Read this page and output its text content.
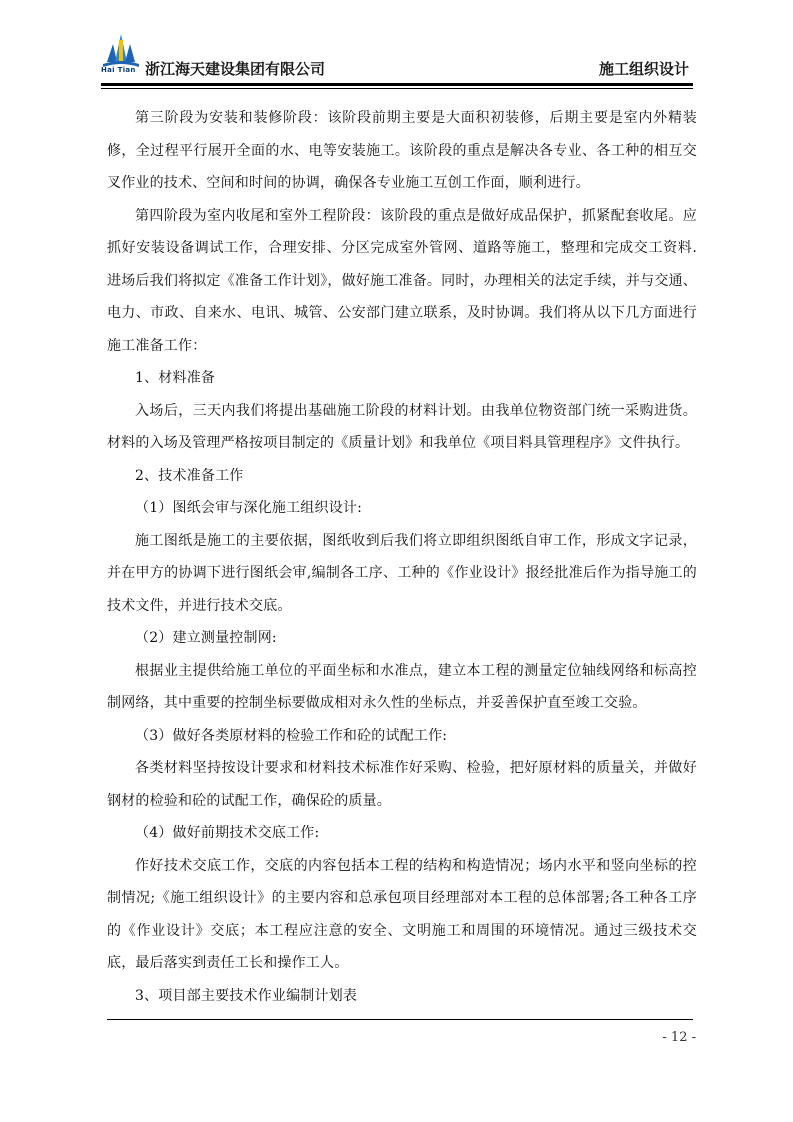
Hai Tian 浙江海天建设集团有限公司	施工组织设计

第三阶段为安装和装修阶段：该阶段前期主要是大面积初装修，后期主要是室内外精装修，全过程平行展开全面的水、电等安装施工。该阶段的重点是解决各专业、各工种的相互交叉作业的技术、空间和时间的协调，确保各专业施工互创工作面，顺利进行。

第四阶段为室内收尾和室外工程阶段：该阶段的重点是做好成品保护，抓紧配套收尾。应抓好安装设备调试工作，合理安排、分区完成室外管网、道路等施工，整理和完成交工资料. 进场后我们将拟定《准备工作计划》，做好施工准备。同时，办理相关的法定手续，并与交通、电力、市政、自来水、电讯、城管、公安部门建立联系，及时协调。我们将从以下几方面进行施工准备工作：

1、材料准备

入场后，三天内我们将提出基础施工阶段的材料计划。由我单位物资部门统一采购进货。材料的入场及管理严格按项目制定的《质量计划》和我单位《项目料具管理程序》文件执行。

2、技术准备工作

（1）图纸会审与深化施工组织设计:

施工图纸是施工的主要依据，图纸收到后我们将立即组织图纸自审工作，形成文字记录，并在甲方的协调下进行图纸会审,编制各工序、工种的《作业设计》报经批准后作为指导施工的技术文件，并进行技术交底。

（2）建立测量控制网:

根据业主提供给施工单位的平面坐标和水准点，建立本工程的测量定位轴线网络和标高控制网络，其中重要的控制坐标要做成相对永久性的坐标点，并妥善保护直至竣工交验。

（3）做好各类原材料的检验工作和砼的试配工作:

各类材料坚持按设计要求和材料技术标准作好采购、检验，把好原材料的质量关，并做好钢材的检验和砼的试配工作，确保砼的质量。

（4）做好前期技术交底工作:

作好技术交底工作，交底的内容包括本工程的结构和构造情况；场内水平和竖向坐标的控制情况;《施工组织设计》的主要内容和总承包项目经理部对本工程的总体部署;各工种各工序的《作业设计》交底；本工程应注意的安全、文明施工和周围的环境情况。通过三级技术交底，最后落实到责任工长和操作工人。

3、项目部主要技术作业编制计划表

- 12 -
